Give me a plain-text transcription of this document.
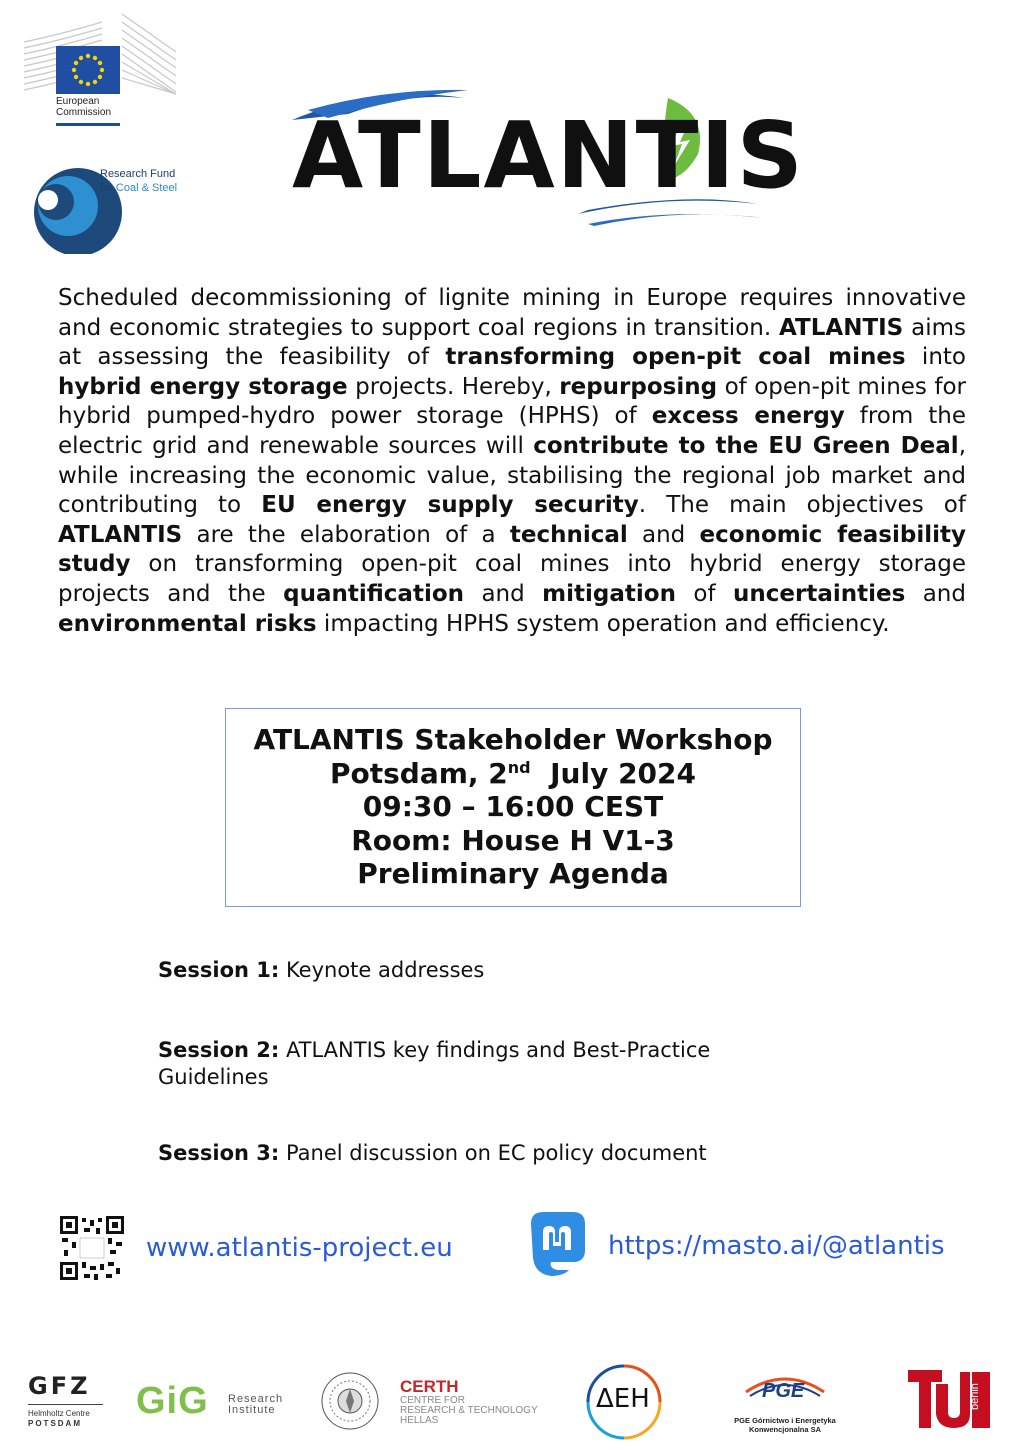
European
Commission
Research Fund
for Coal & Steel ATLANTIS

Scheduled decommissioning of lignite mining in Europe requires innovative and economic strategies to support coal regions in transition. ATLANTIS aims at assessing the feasibility of transforming open-pit coal mines into hybrid energy storage projects. Hereby, repurposing of open-pit mines for hybrid pumped-hydro power storage (HPHS) of excess energy from the electric grid and renewable sources will contribute to the EU Green Deal, while increasing the economic value, stabilising the regional job market and contributing to EU energy supply security. The main objectives of ATLANTIS are the elaboration of a technical and economic feasibility study on transforming open-pit coal mines into hybrid energy storage projects and the quantification and mitigation of uncertainties and environmental risks impacting HPHS system operation and efficiency.

ATLANTIS Stakeholder Workshop
Potsdam, 2nd  July 2024
09:30 – 16:00 CEST
Room: House H V1-3
Preliminary Agenda
Session 1: Keynote addresses
Session 2: ATLANTIS key findings and Best-Practice Guidelines
Session 3: Panel discussion on EC policy document
www.atlantis-project.eu	https://masto.ai/@atlantis
GFZ
Helmholtz Centre
POTSDAM
GiG Research
Institute
CERTH
CENTRE FOR
RESEARCH & TECHNOLOGY
HELLAS
ΔΕΗ	PGE
PGE Górnictwo i Energetyka Konwencjonalna SA
berlin
